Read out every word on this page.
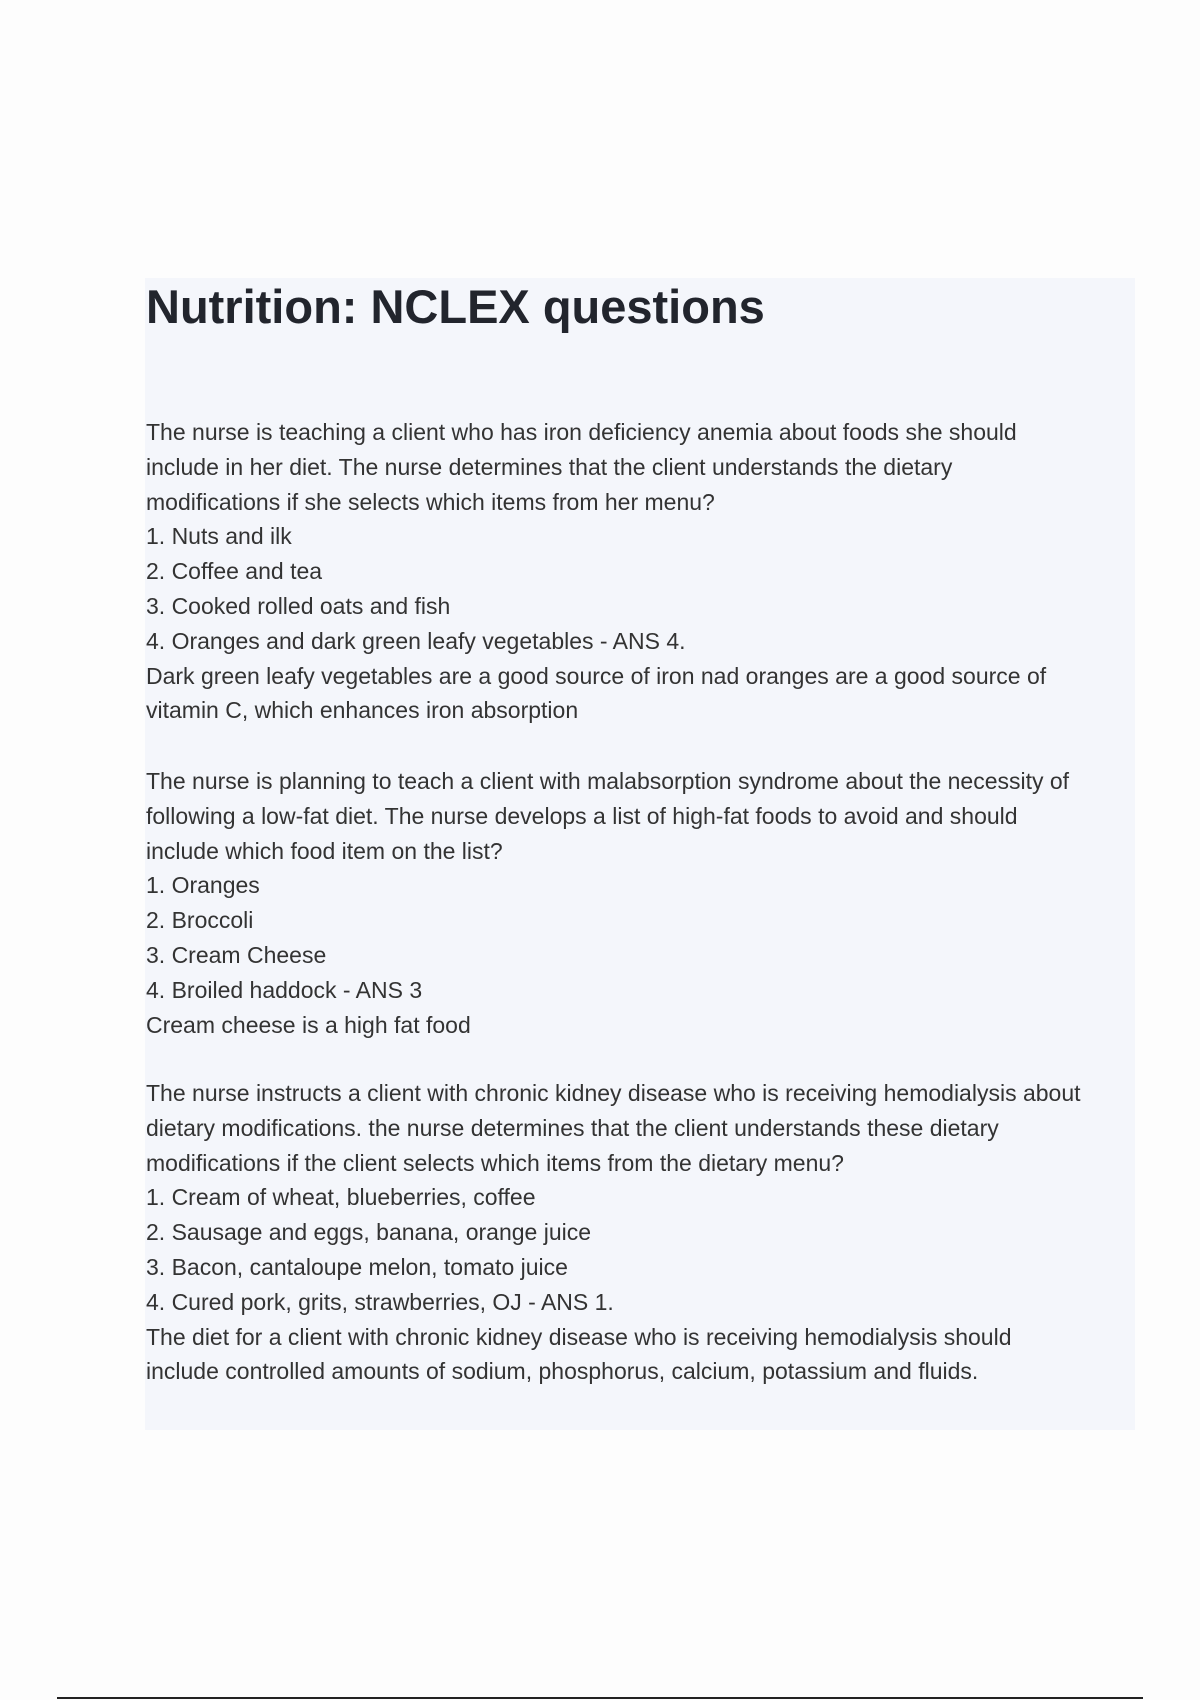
Nutrition: NCLEX questions
The nurse is teaching a client who has iron deficiency anemia about foods she should
include in her diet. The nurse determines that the client understands the dietary
modifications if she selects which items from her menu?
1. Nuts and ilk
2. Coffee and tea
3. Cooked rolled oats and fish
4. Oranges and dark green leafy vegetables - ANS 4.
Dark green leafy vegetables are a good source of iron nad oranges are a good source of
vitamin C, which enhances iron absorption
The nurse is planning to teach a client with malabsorption syndrome about the necessity of
following a low-fat diet. The nurse develops a list of high-fat foods to avoid and should
include which food item on the list?
1. Oranges
2. Broccoli
3. Cream Cheese
4. Broiled haddock - ANS 3
Cream cheese is a high fat food
The nurse instructs a client with chronic kidney disease who is receiving hemodialysis about
dietary modifications. the nurse determines that the client understands these dietary
modifications if the client selects which items from the dietary menu?
1. Cream of wheat, blueberries, coffee
2. Sausage and eggs, banana, orange juice
3. Bacon, cantaloupe melon, tomato juice
4. Cured pork, grits, strawberries, OJ - ANS 1.
The diet for a client with chronic kidney disease who is receiving hemodialysis should
include controlled amounts of sodium, phosphorus, calcium, potassium and fluids.
